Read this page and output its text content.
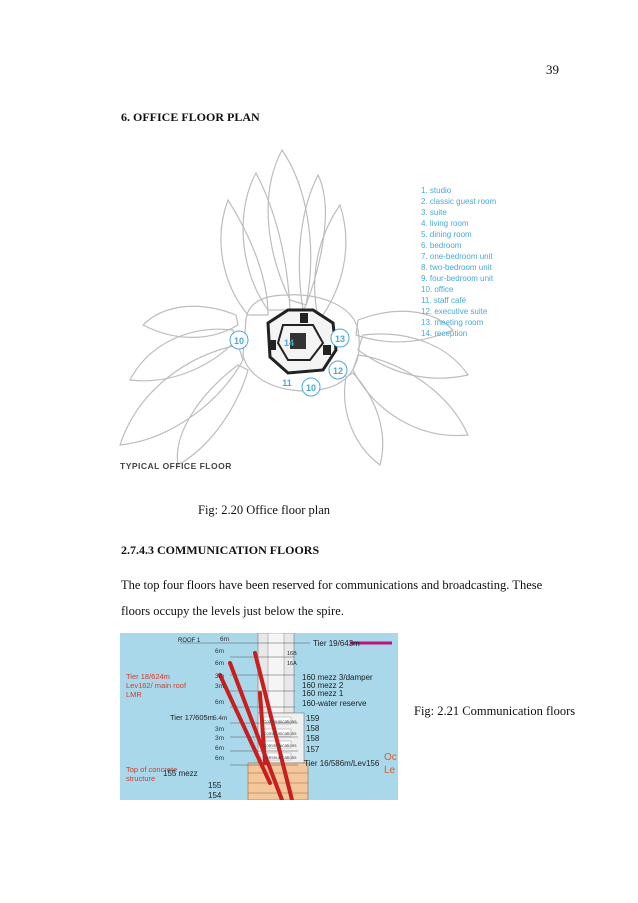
39
6. OFFICE FLOOR PLAN
10	14	13
12
11 10
1. studio
2. classic guest room
3. suite
4. living room
5. dining room
6. bedroom
7. one-bedroom unit
8. two-bedroom unit
9. four-bedroom unit
10. office
11. staff café
12. executive suite
13. meeting room
14. reception
TYPICAL OFFICE FLOOR
Fig: 2.20 Office floor plan
2.7.4.3 COMMUNICATION FLOORS
The top four floors have been reserved for communications and broadcasting. These floors occupy the levels just below the spire.
Tier 18/624m
Lev162/ main roof
LMR
Top of concrete
structure
ROOF 1
Tier 17/605m
155 mezz
155
154
Tier 19/643m
160 mezz 3/damper
160 mezz 2
160 mezz 1
160-water reserve
159
158
158
157
Tier 16/586m/Lev156
16B
16A
Communications
Communications
Communications
Communications
6m
6m
6m
3m
3m
6m
5.4m
3m
3m
6m
6m	Oc
Le
Fig: 2.21 Communication floors
